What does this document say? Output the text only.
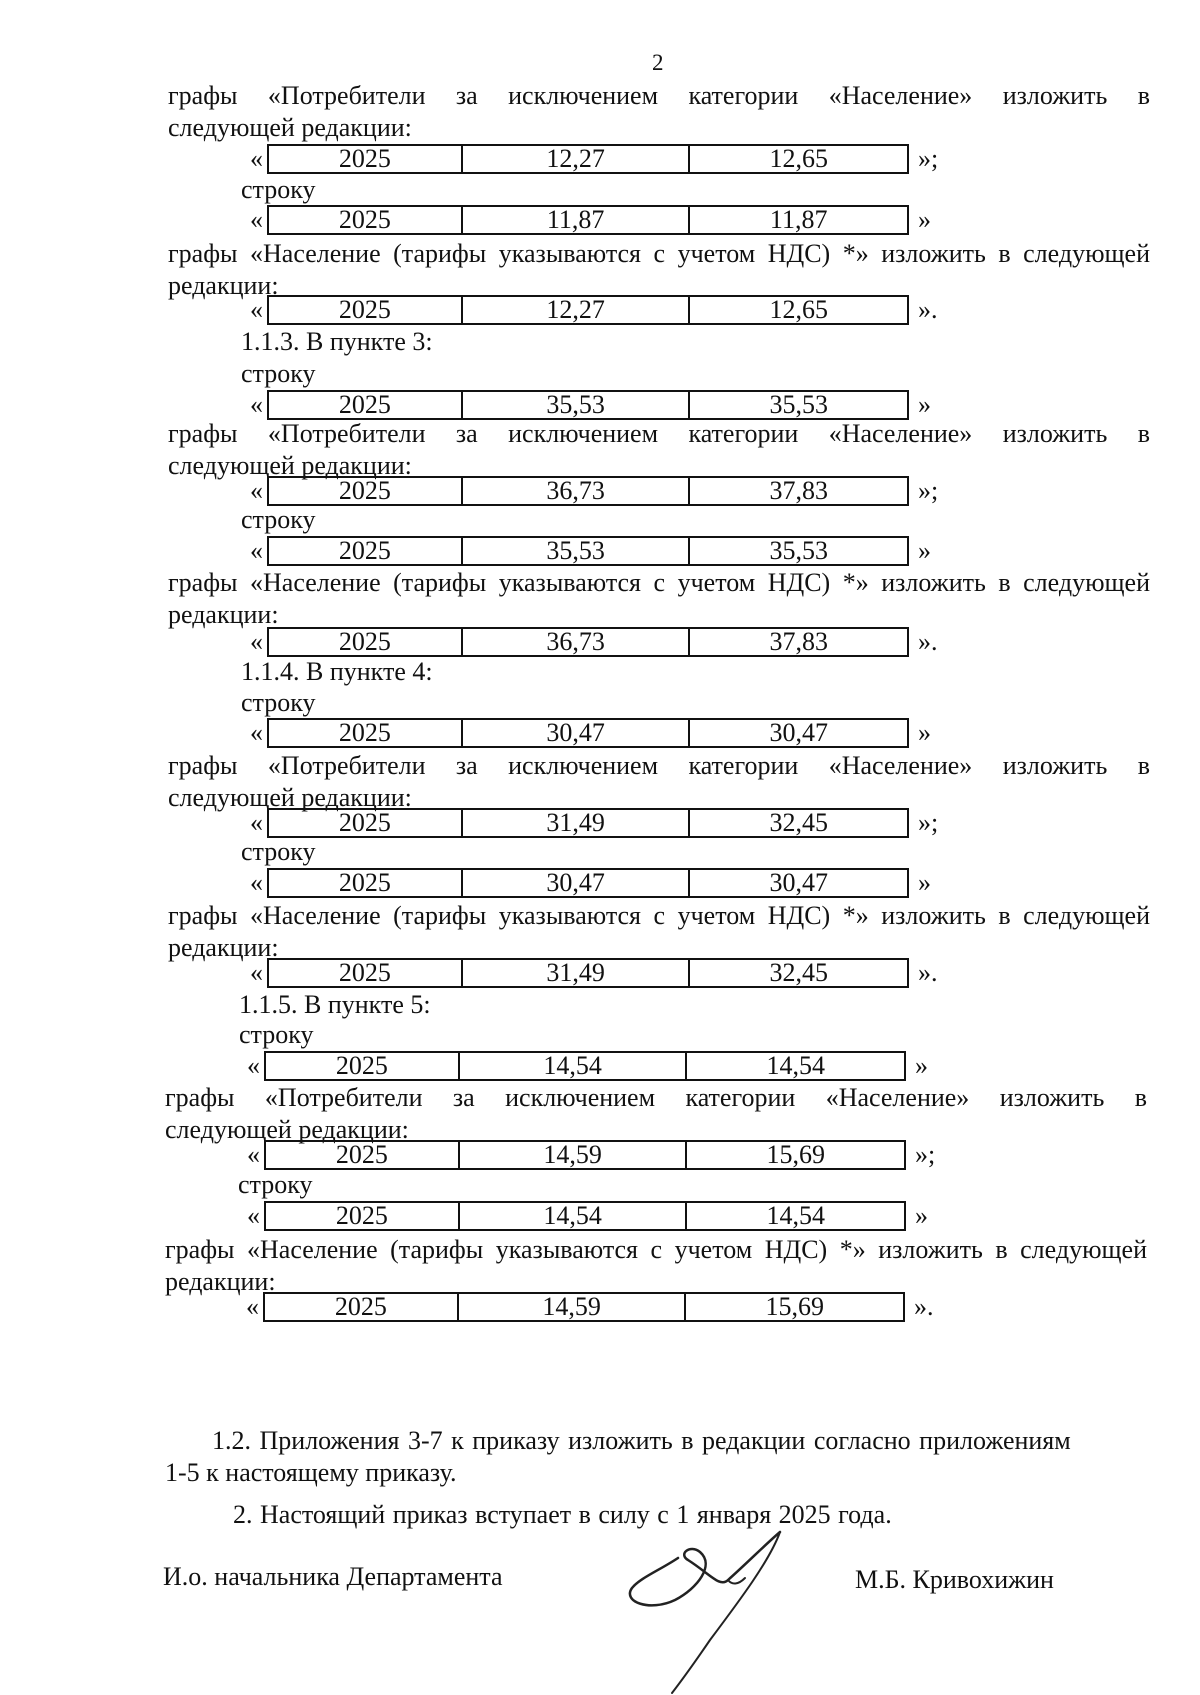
2
графы «Потребители за исключением категории «Население» изложить в
следующей редакции:
«	2025	12,27	12,65	»;
строку
«	2025	11,87	11,87	»
графы «Население (тарифы указываются с учетом НДС) *» изложить в следующей
редакции:
«	2025	12,27	12,65	».
1.1.3. В пункте 3:
строку
«	2025	35,53	35,53	»
графы «Потребители за исключением категории «Население» изложить в
следующей редакции:
«	2025	36,73	37,83	»;
строку
«	2025	35,53	35,53	»
графы «Население (тарифы указываются с учетом НДС) *» изложить в следующей
редакции:
«	2025	36,73	37,83	».
1.1.4. В пункте 4:
строку
«	2025	30,47	30,47	»
графы «Потребители за исключением категории «Население» изложить в
следующей редакции:
«	2025	31,49	32,45	»;
строку
«	2025	30,47	30,47	»
графы «Население (тарифы указываются с учетом НДС) *» изложить в следующей
редакции:
«	2025	31,49	32,45	».
1.1.5. В пункте 5:
строку
«	2025	14,54	14,54	»
графы «Потребители за исключением категории «Население» изложить в
следующей редакции:
«	2025	14,59	15,69	»;
строку
«	2025	14,54	14,54	»
графы «Население (тарифы указываются с учетом НДС) *» изложить в следующей
редакции:
«	2025	14,59	15,69	».
1.2. Приложения 3-7 к приказу изложить в редакции согласно приложениям
1-5 к настоящему приказу.
2. Настоящий приказ вступает в силу с 1 января 2025 года.
И.о. начальника Департамента	М.Б. Кривохижин
